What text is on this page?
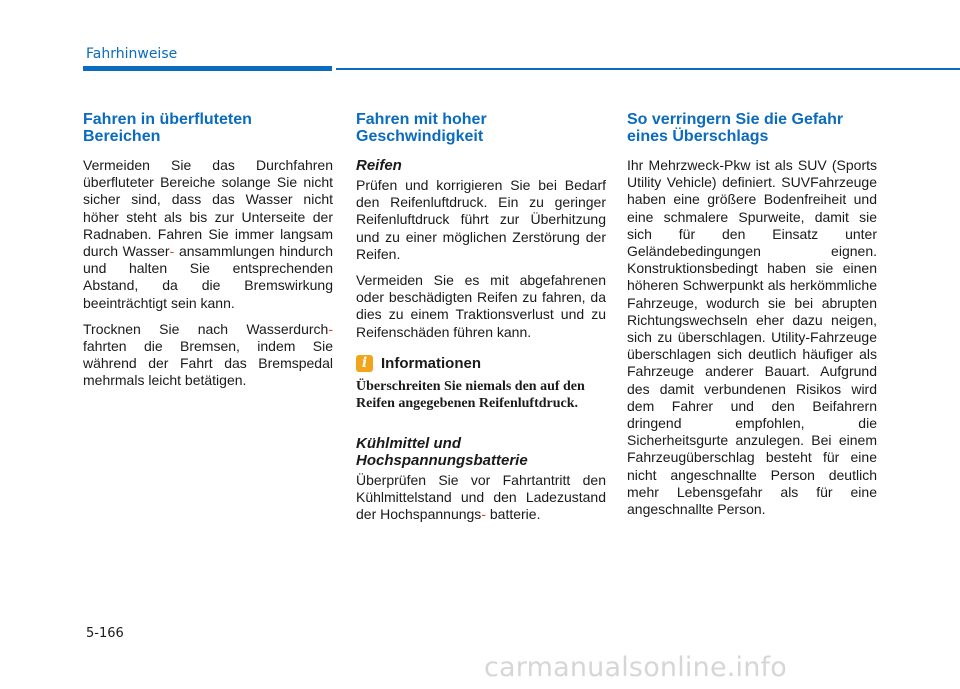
Fahrhinweise
Fahren in überfluteten Bereichen

Vermeiden Sie das Durchfahren überfluteter Bereiche solange Sie nicht sicher sind, dass das Wasser nicht höher steht als bis zur Unterseite der Radnaben. Fahren Sie immer langsam durch Wasser- ansammlungen hindurch und halten Sie entsprechenden Abstand, da die Bremswirkung beeinträchtigt sein kann.

Trocknen Sie nach Wasserdurch- fahrten die Bremsen, indem Sie während der Fahrt das Bremspedal mehrmals leicht betätigen.

Fahren mit hoher Geschwindigkeit
Reifen

Prüfen und korrigieren Sie bei Bedarf den Reifenluftdruck. Ein zu geringer Reifenluftdruck führt zur Überhitzung und zu einer möglichen Zerstörung der Reifen.

Vermeiden Sie es mit abgefahrenen oder beschädigten Reifen zu fahren, da dies zu einem Traktionsverlust und zu Reifenschäden führen kann.

i Informationen
Überschreiten Sie niemals den auf den Reifen angegebenen Reifenluftdruck.
Kühlmittel und Hochspannungsbatterie

Überprüfen Sie vor Fahrtantritt den Kühlmittelstand und den Ladezustand der Hochspannungs- batterie.

So verringern Sie die Gefahr eines Überschlags

Ihr Mehrzweck-Pkw ist als SUV (Sports Utility Vehicle) definiert. SUVFahrzeuge haben eine größere Bodenfreiheit und eine schmalere Spurweite, damit sie sich für den Einsatz unter Geländebedingungen eignen. Konstruktionsbedingt haben sie einen höheren Schwerpunkt als herkömmliche Fahrzeuge, wodurch sie bei abrupten Richtungswechseln eher dazu neigen, sich zu überschlagen. Utility-Fahrzeuge überschlagen sich deutlich häufiger als Fahrzeuge anderer Bauart. Aufgrund des damit verbundenen Risikos wird dem Fahrer und den Beifahrern dringend empfohlen, die Sicherheitsgurte anzulegen. Bei einem Fahrzeugüberschlag besteht für eine nicht angeschnallte Person deutlich mehr Lebensgefahr als für eine angeschnallte Person.

5-166
carmanualsonline.info
